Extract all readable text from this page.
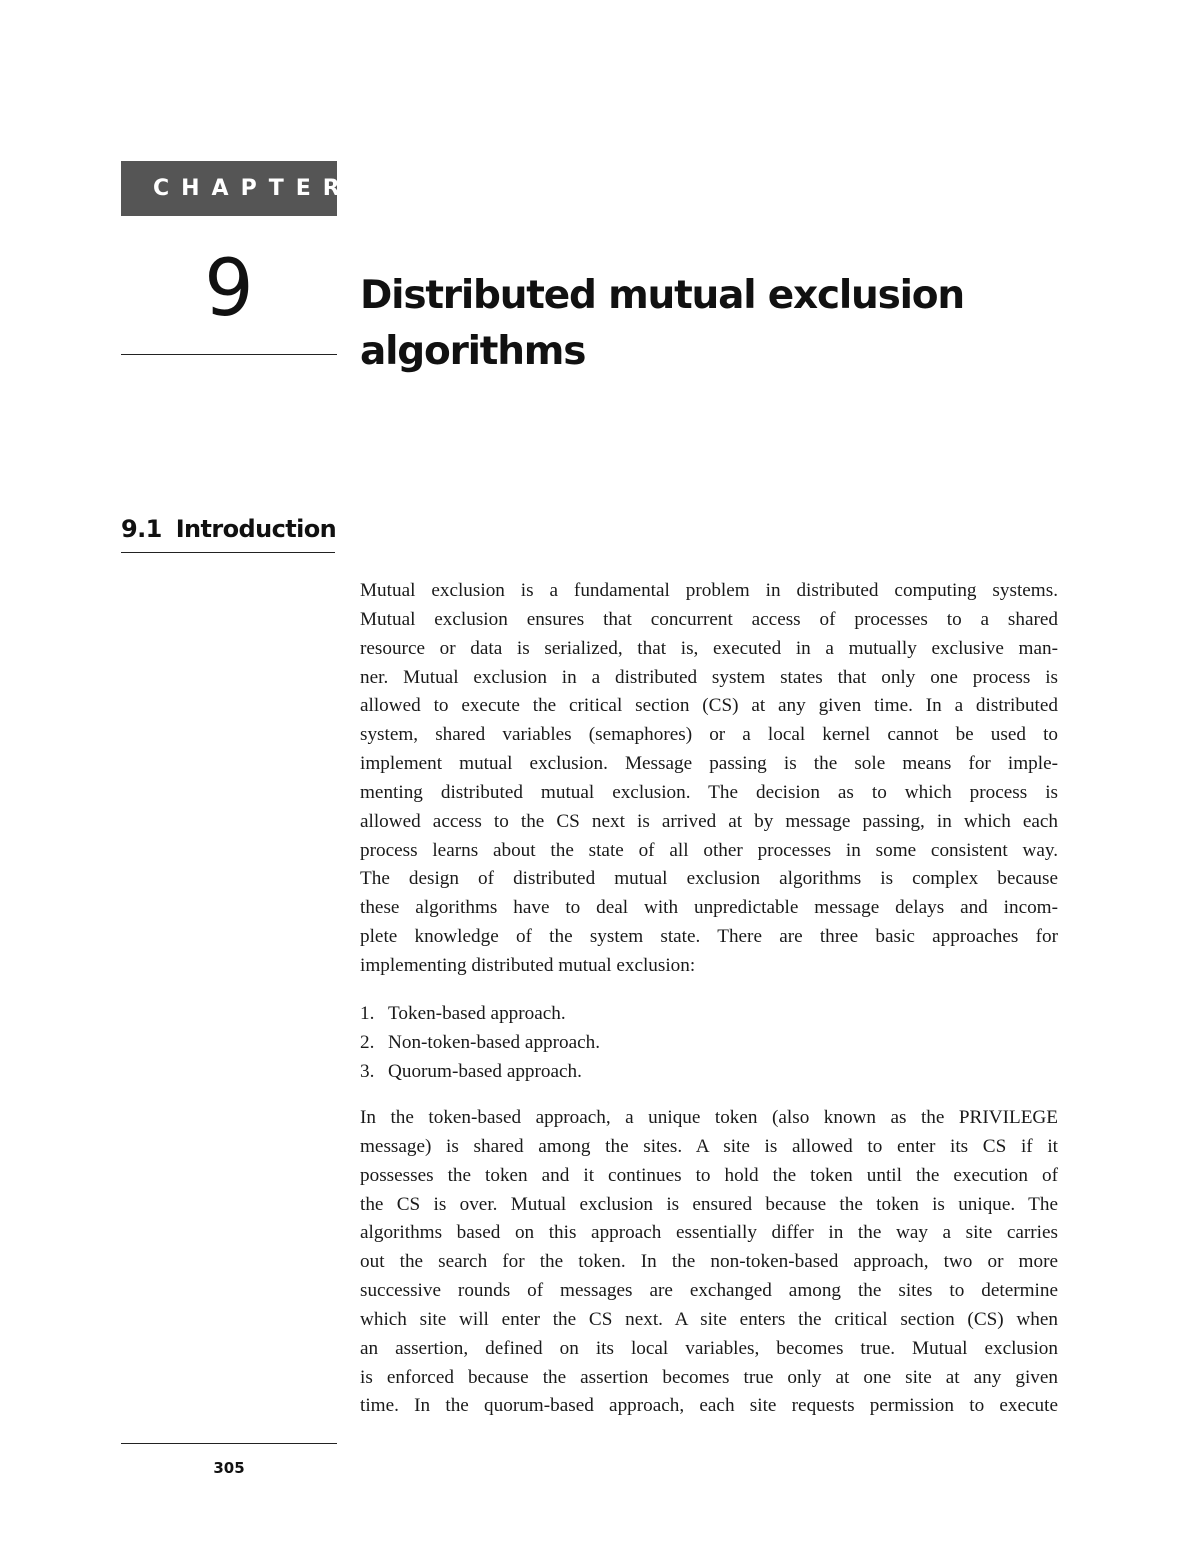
CHAPTER
9	Distributed mutual exclusion
algorithms
9.1 Introduction

Mutual exclusion is a fundamental problem in distributed computing systems.
Mutual exclusion ensures that concurrent access of processes to a shared
resource or data is serialized, that is, executed in a mutually exclusive man-
ner. Mutual exclusion in a distributed system states that only one process is
allowed to execute the critical section (CS) at any given time. In a distributed
system, shared variables (semaphores) or a local kernel cannot be used to
implement mutual exclusion. Message passing is the sole means for imple-
menting distributed mutual exclusion. The decision as to which process is
allowed access to the CS next is arrived at by message passing, in which each
process learns about the state of all other processes in some consistent way.
The design of distributed mutual exclusion algorithms is complex because
these algorithms have to deal with unpredictable message delays and incom-
plete knowledge of the system state. There are three basic approaches for
implementing distributed mutual exclusion:

1. Token-based approach.
2. Non-token-based approach.
3. Quorum-based approach.

In the token-based approach, a unique token (also known as the PRIVILEGE
message) is shared among the sites. A site is allowed to enter its CS if it
possesses the token and it continues to hold the token until the execution of
the CS is over. Mutual exclusion is ensured because the token is unique. The
algorithms based on this approach essentially differ in the way a site carries
out the search for the token. In the non-token-based approach, two or more
successive rounds of messages are exchanged among the sites to determine
which site will enter the CS next. A site enters the critical section (CS) when
an assertion, defined on its local variables, becomes true. Mutual exclusion
is enforced because the assertion becomes true only at one site at any given
time. In the quorum-based approach, each site requests permission to execute

305
